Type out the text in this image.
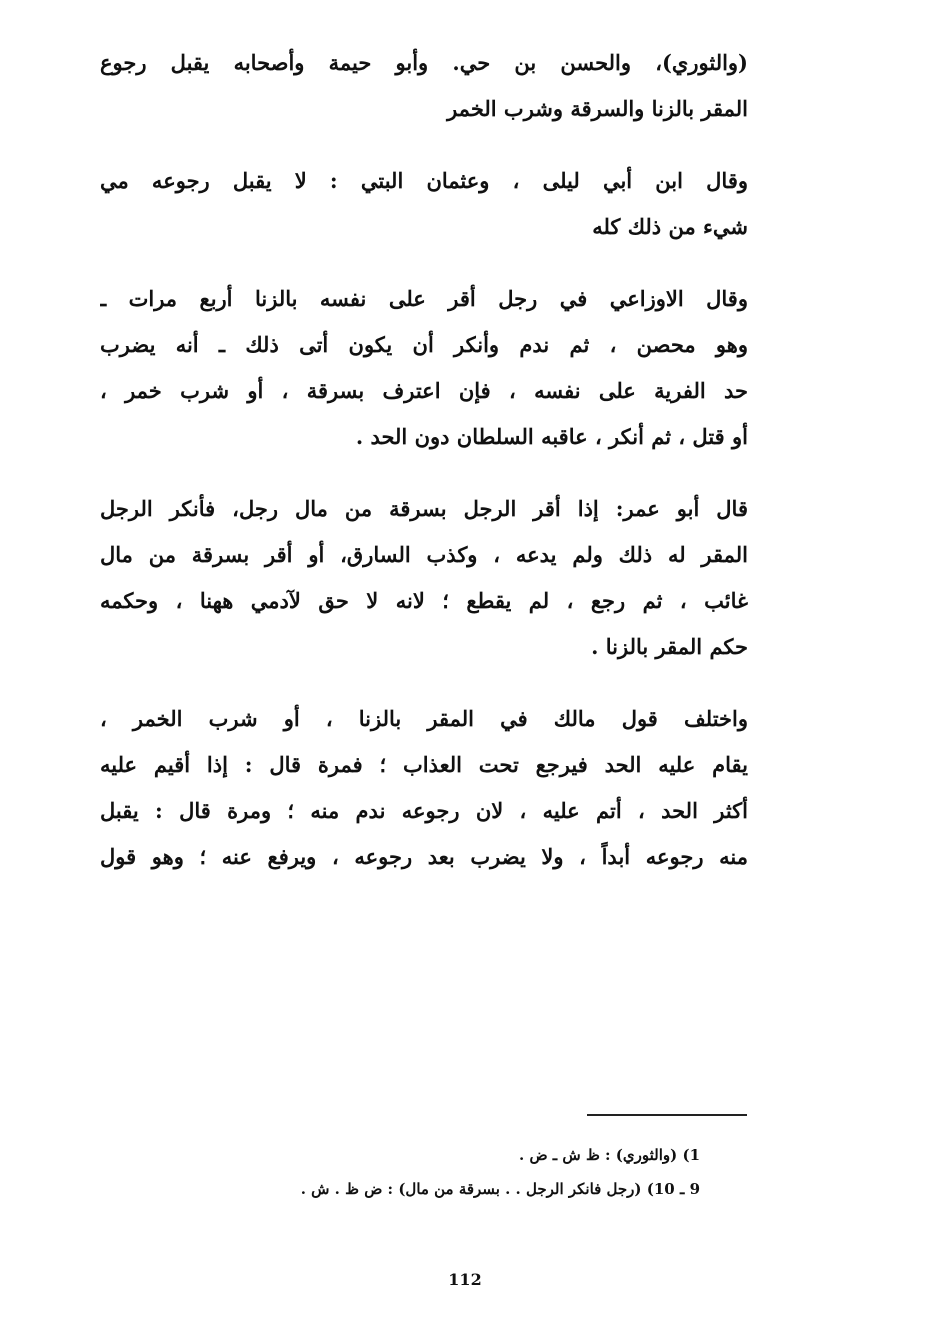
(والثوري)، والحسن بن حي. وأبو حيمة وأصحابه يقبل رجوع
المقر بالزنا والسرقة وشرب الخمر
وقال ابن أبي ليلى ، وعثمان البتي : لا يقبل رجوعه مي
شيء من ذلك كله
وقال الاوزاعي في رجل أقر على نفسه بالزنا أربع مرات ـ
وهو محصن ، ثم ندم وأنكر أن يكون أتى ذلك ـ أنه يضرب
حد الفرية على نفسه ، فإن اعترف بسرقة ، أو شرب خمر ،
أو قتل ، ثم أنكر ، عاقبه السلطان دون الحد .
قال أبو عمر: إذا أقر الرجل بسرقة من مال رجل، فأنكر الرجل
المقر له ذلك ولم يدعه ، وكذب السارق، أو أقر بسرقة من مال
غائب ، ثم رجع ، لم يقطع ؛ لانه لا حق لآدمي ههنا ، وحكمه
حكم المقر بالزنا .
واختلف قول مالك في المقر بالزنا ، أو شرب الخمر ،
يقام عليه الحد فيرجع تحت العذاب ؛ فمرة قال : إذا أقيم عليه
أكثر الحد ، أتم عليه ، لان رجوعه ندم منه ؛ ومرة قال : يقبل
منه رجوعه أبداً ، ولا يضرب بعد رجوعه ، ويرفع عنه ؛ وهو قول
1) (والثوري) : ظ ش ـ ض .
9 ـ 10) (رجل فانكر الرجل . . بسرقة من مال) : ض ظ . ش .
112
